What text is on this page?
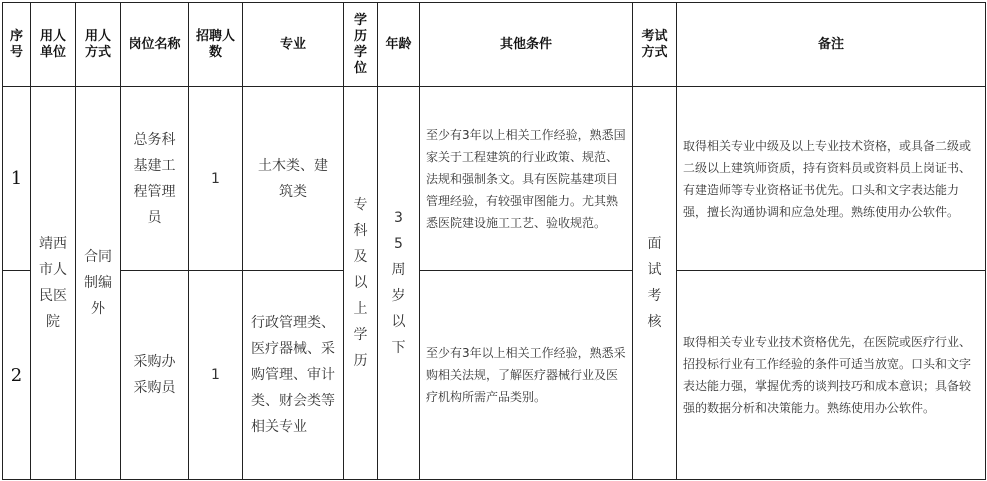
序号
用人单位
用人方式
岗位名称
招聘人数
专业
学历学位
年龄	其他条件
考试方式
备注
1
总务科基建工程管理员
1
土木类、建筑类
至少有3年以上相关工作经验，熟悉国家关于工程建筑的行业政策、规范、法规和强制条文。具有医院基建项目管理经验，有较强审图能力。尤其熟悉医院建设施工工艺、验收规范。
取得相关专业中级及以上专业技术资格，或具备二级或二级以上建筑师资质，持有资料员或资料员上岗证书、有建造师等专业资格证书优先。口头和文字表达能力强，擅长沟通协调和应急处理。熟练使用办公软件。
2
采购办采购员
1
行政管理类、医疗器械、采购管理、审计类、财会类等相关专业
至少有3年以上相关工作经验，熟悉采购相关法规，了解医疗器械行业及医疗机构所需产品类别。
取得相关专业专业技术资格优先，在医院或医疗行业、招投标行业有工作经验的条件可适当放宽。口头和文字表达能力强，掌握优秀的谈判技巧和成本意识；具备较强的数据分析和决策能力。熟练使用办公软件。
靖西市人民医院
合同制编外
专科及以上学历
35周岁以下
面试考核
